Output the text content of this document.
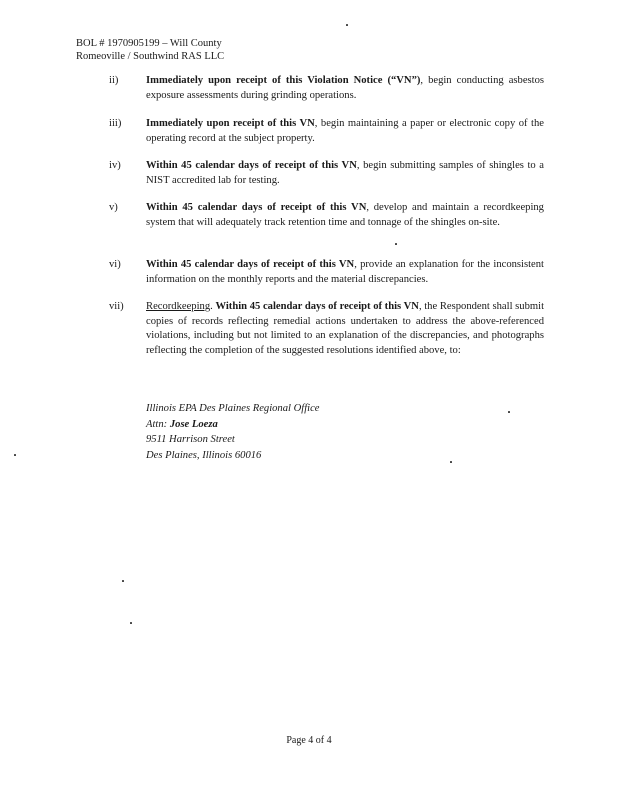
BOL # 1970905199 – Will County
Romeoville / Southwind RAS LLC
ii)	Immediately upon receipt of this Violation Notice (“VN”), begin conducting asbestos exposure assessments during grinding operations.
iii)	Immediately upon receipt of this VN, begin maintaining a paper or electronic copy of the operating record at the subject property.
iv)	Within 45 calendar days of receipt of this VN, begin submitting samples of shingles to a NIST accredited lab for testing.
v)	Within 45 calendar days of receipt of this VN, develop and maintain a recordkeeping system that will adequately track retention time and tonnage of the shingles on-site.
vi)	Within 45 calendar days of receipt of this VN, provide an explanation for the inconsistent information on the monthly reports and the material discrepancies.
vii)	Recordkeeping. Within 45 calendar days of receipt of this VN, the Respondent shall submit copies of records reflecting remedial actions undertaken to address the above-referenced violations, including but not limited to an explanation of the discrepancies, and photographs reflecting the completion of the suggested resolutions identified above, to:
Illinois EPA Des Plaines Regional Office
Attn: Jose Loeza
9511 Harrison Street
Des Plaines, Illinois 60016
Page 4 of 4
